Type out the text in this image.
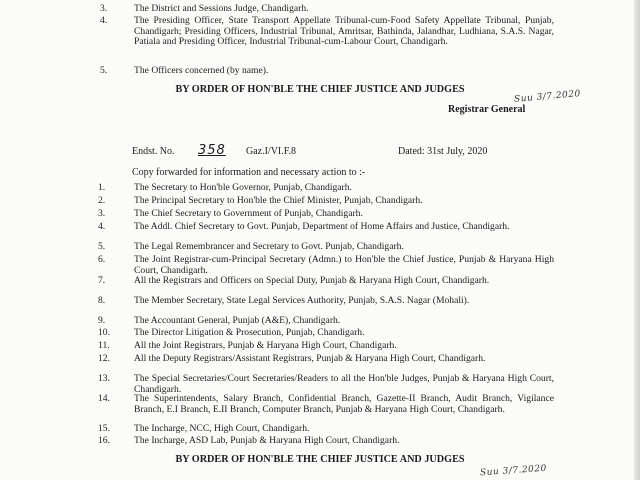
3.	The District and Sessions Judge, Chandigarh.
4.	The Presiding Officer, State Transport Appellate Tribunal-cum-Food Safety Appellate Tribunal, Punjab, Chandigarh; Presiding Officers, Industrial Tribunal, Amritsar, Bathinda, Jalandhar, Ludhiana, S.A.S. Nagar, Patiala and Presiding Officer, Industrial Tribunal-cum-Labour Court, Chandigarh.
5.	The Officers concerned (by name).
BY ORDER OF HON'BLE THE CHIEF JUSTICE AND JUDGES	Suu 3/7.2020
Registrar General
Endst. No. 358 Gaz.I/VI.F.8	Dated: 31st July, 2020
Copy forwarded for information and necessary action to :-
1.	The Secretary to Hon'ble Governor, Punjab, Chandigarh.
2.	The Principal Secretary to Hon'ble the Chief Minister, Punjab, Chandigarh.
3.	The Chief Secretary to Government of Punjab, Chandigarh.
4.	The Addl. Chief Secretary to Govt. Punjab, Department of Home Affairs and Justice, Chandigarh.
5.	The Legal Remembrancer and Secretary to Govt. Punjab, Chandigarh.
6.	The Joint Registrar-cum-Principal Secretary (Admn.) to Hon'ble the Chief Justice, Punjab & Haryana High Court, Chandigarh.
7.	All the Registrars and Officers on Special Duty, Punjab & Haryana High Court, Chandigarh.
8.	The Member Secretary, State Legal Services Authority, Punjab, S.A.S. Nagar (Mohali).
9.	The Accountant General, Punjab (A&E), Chandigarh.
10.	The Director Litigation & Prosecution, Punjab, Chandigarh.
11.	All the Joint Registrars, Punjab & Haryana High Court, Chandigarh.
12.	All the Deputy Registrars/Assistant Registrars, Punjab & Haryana High Court, Chandigarh.
13.	The Special Secretaries/Court Secretaries/Readers to all the Hon'ble Judges, Punjab & Haryana High Court, Chandigarh.
14.	The Superintendents, Salary Branch, Confidential Branch, Gazette-II Branch, Audit Branch, Vigilance Branch, E.I Branch, E.II Branch, Computer Branch, Punjab & Haryana High Court, Chandigarh.
15.	The Incharge, NCC, High Court, Chandigarh.
16.	The Incharge, ASD Lab, Punjab & Haryana High Court, Chandigarh.
BY ORDER OF HON'BLE THE CHIEF JUSTICE AND JUDGES
Suu 3/7.2020
